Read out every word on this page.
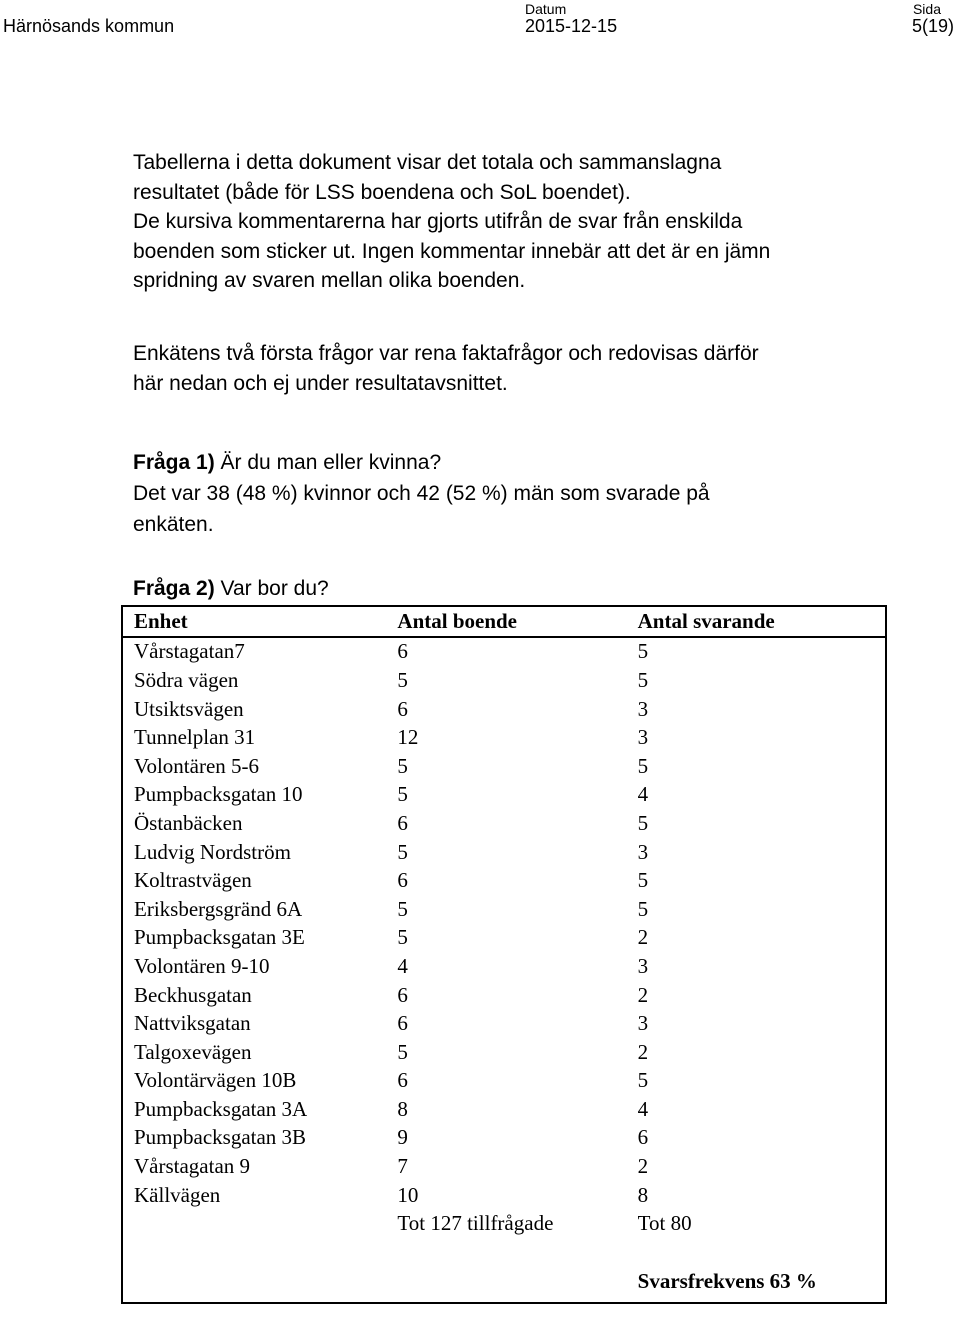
Härnösands kommun
Datum
2015-12-15
Sida
5(19)
Tabellerna i detta dokument visar det totala och sammanslagna
resultatet (både för LSS boendena och SoL boendet).
De kursiva kommentarerna har gjorts utifrån de svar från enskilda
boenden som sticker ut. Ingen kommentar innebär att det är en jämn
spridning av svaren mellan olika boenden.
Enkätens två första frågor var rena faktafrågor och redovisas därför
här nedan och ej under resultatavsnittet.
Fråga 1) Är du man eller kvinna?
Det var 38 (48 %) kvinnor och 42 (52 %) män som svarade på
enkäten.
Fråga 2) Var bor du?
Enhet	Antal boende	Antal svarande
Vårstagatan7	6	5
Södra vägen	5	5
Utsiktsvägen	6	3
Tunnelplan 31	12	3
Volontären 5-6	5	5
Pumpbacksgatan 10	5	4
Östanbäcken	6	5
Ludvig Nordström	5	3
Koltrastvägen	6	5
Eriksbergsgränd 6A	5	5
Pumpbacksgatan 3E	5	2
Volontären 9-10	4	3
Beckhusgatan	6	2
Nattviksgatan	6	3
Talgoxevägen	5	2
Volontärvägen 10B	6	5
Pumpbacksgatan 3A	8	4
Pumpbacksgatan 3B	9	6
Vårstagatan 9	7	2
Källvägen	10	8
	Tot 127 tillfrågade	Tot 80
		Svarsfrekvens 63 %
